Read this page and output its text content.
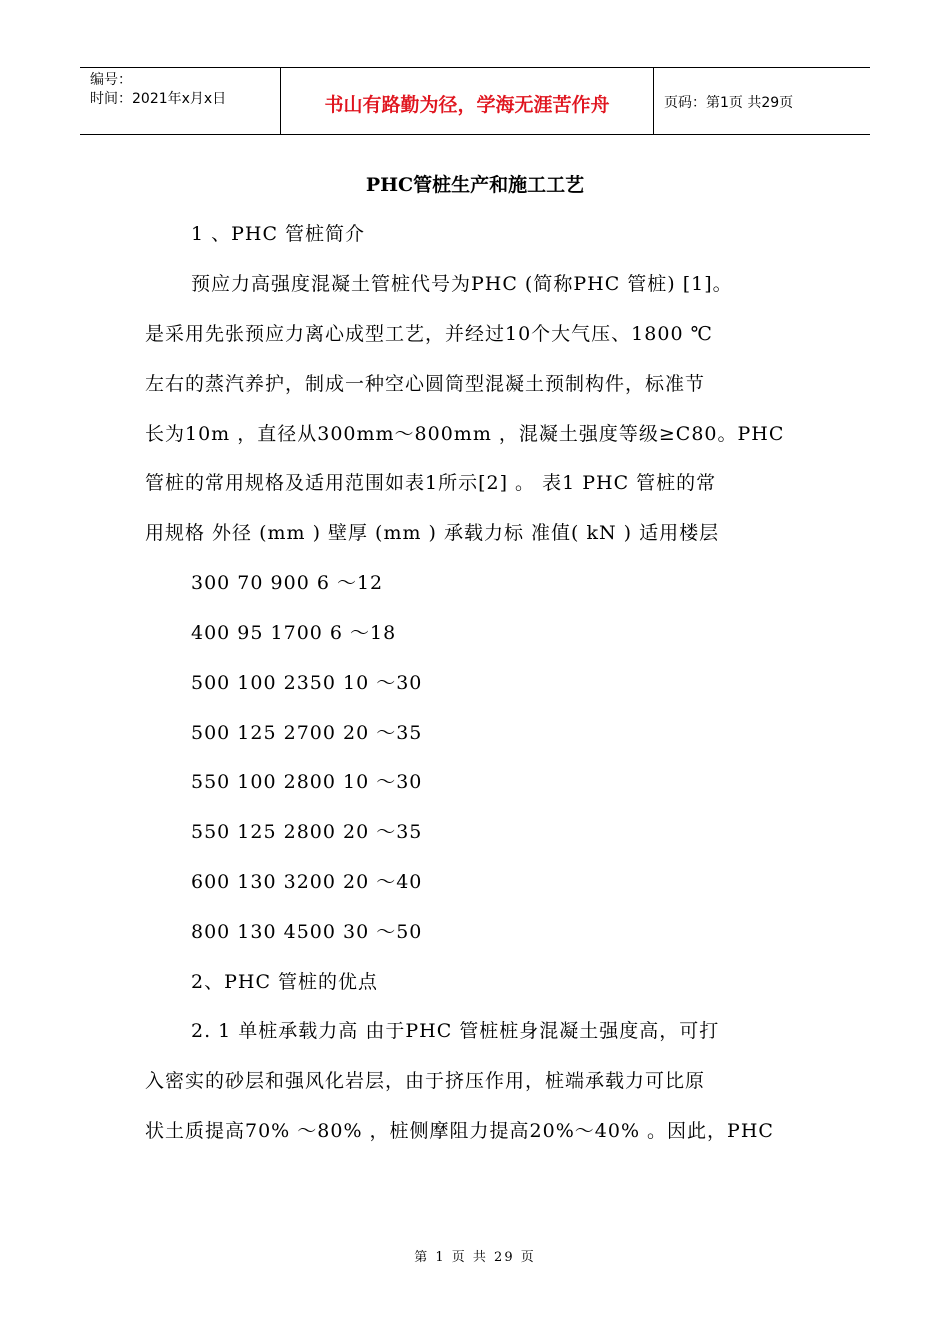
编号：
时间：2021年x月x日	书山有路勤为径，学海无涯苦作舟	页码：第1页 共29页
PHC管桩生产和施工工艺
1 、PHC 管桩简介
预应力高强度混凝土管桩代号为PHC (简称PHC 管桩) [1]。
是采用先张预应力离心成型工艺，并经过10个大气压、1800 ℃
左右的蒸汽养护，制成一种空心圆筒型混凝土预制构件，标准节
长为10m ，直径从300mm～800mm ，混凝土强度等级≥C80。PHC
管桩的常用规格及适用范围如表1所示[2] 。 表1 PHC 管桩的常
用规格 外径 (mm ) 壁厚 (mm ) 承载力标 准值( kN ) 适用楼层
300 70 900 6 ～12
400 95 1700 6 ～18
500 100 2350 10 ～30
500 125 2700 20 ～35
550 100 2800 10 ～30
550 125 2800 20 ～35
600 130 3200 20 ～40
800 130 4500 30 ～50
2、PHC 管桩的优点
2. 1 单桩承载力高 由于PHC 管桩桩身混凝土强度高，可打
入密实的砂层和强风化岩层，由于挤压作用，桩端承载力可比原
状土质提高70% ～80% ，桩侧摩阻力提高20%～40% 。因此，PHC
第 1 页 共 29 页
